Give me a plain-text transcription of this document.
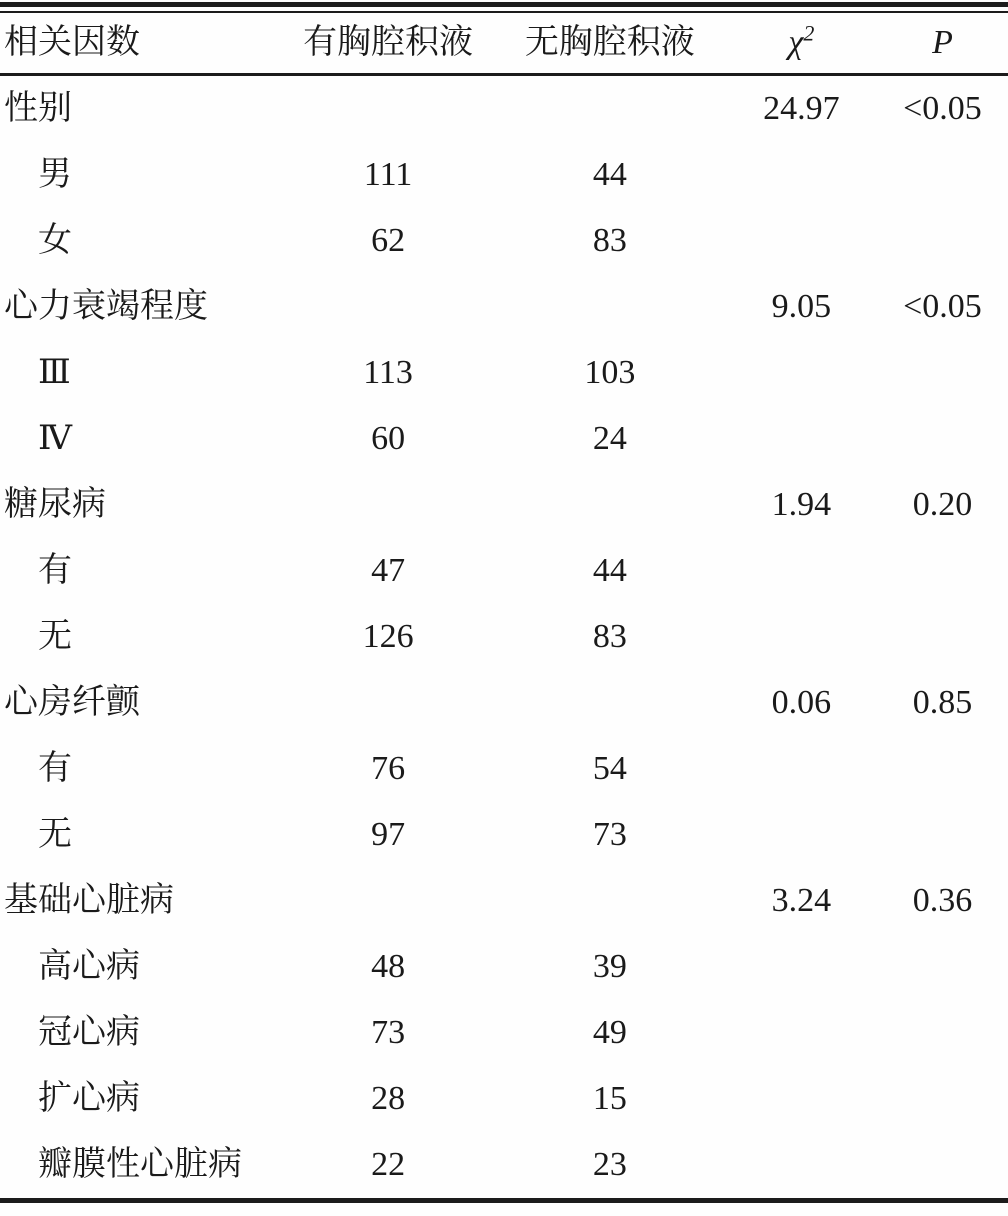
相关因数	有胸腔积液	无胸腔积液	$\chi^2$	P
性别			24.97	<0.05
男	111	44		
女	62	83		
心力衰竭程度			9.05	<0.05
Ⅲ	113	103		
Ⅳ	60	24		
糖尿病			1.94	0.20
有	47	44		
无	126	83		
心房纤颤			0.06	0.85
有	76	54		
无	97	73		
基础心脏病			3.24	0.36
高心病	48	39		
冠心病	73	49		
扩心病	28	15		
瓣膜性心脏病	22	23		
